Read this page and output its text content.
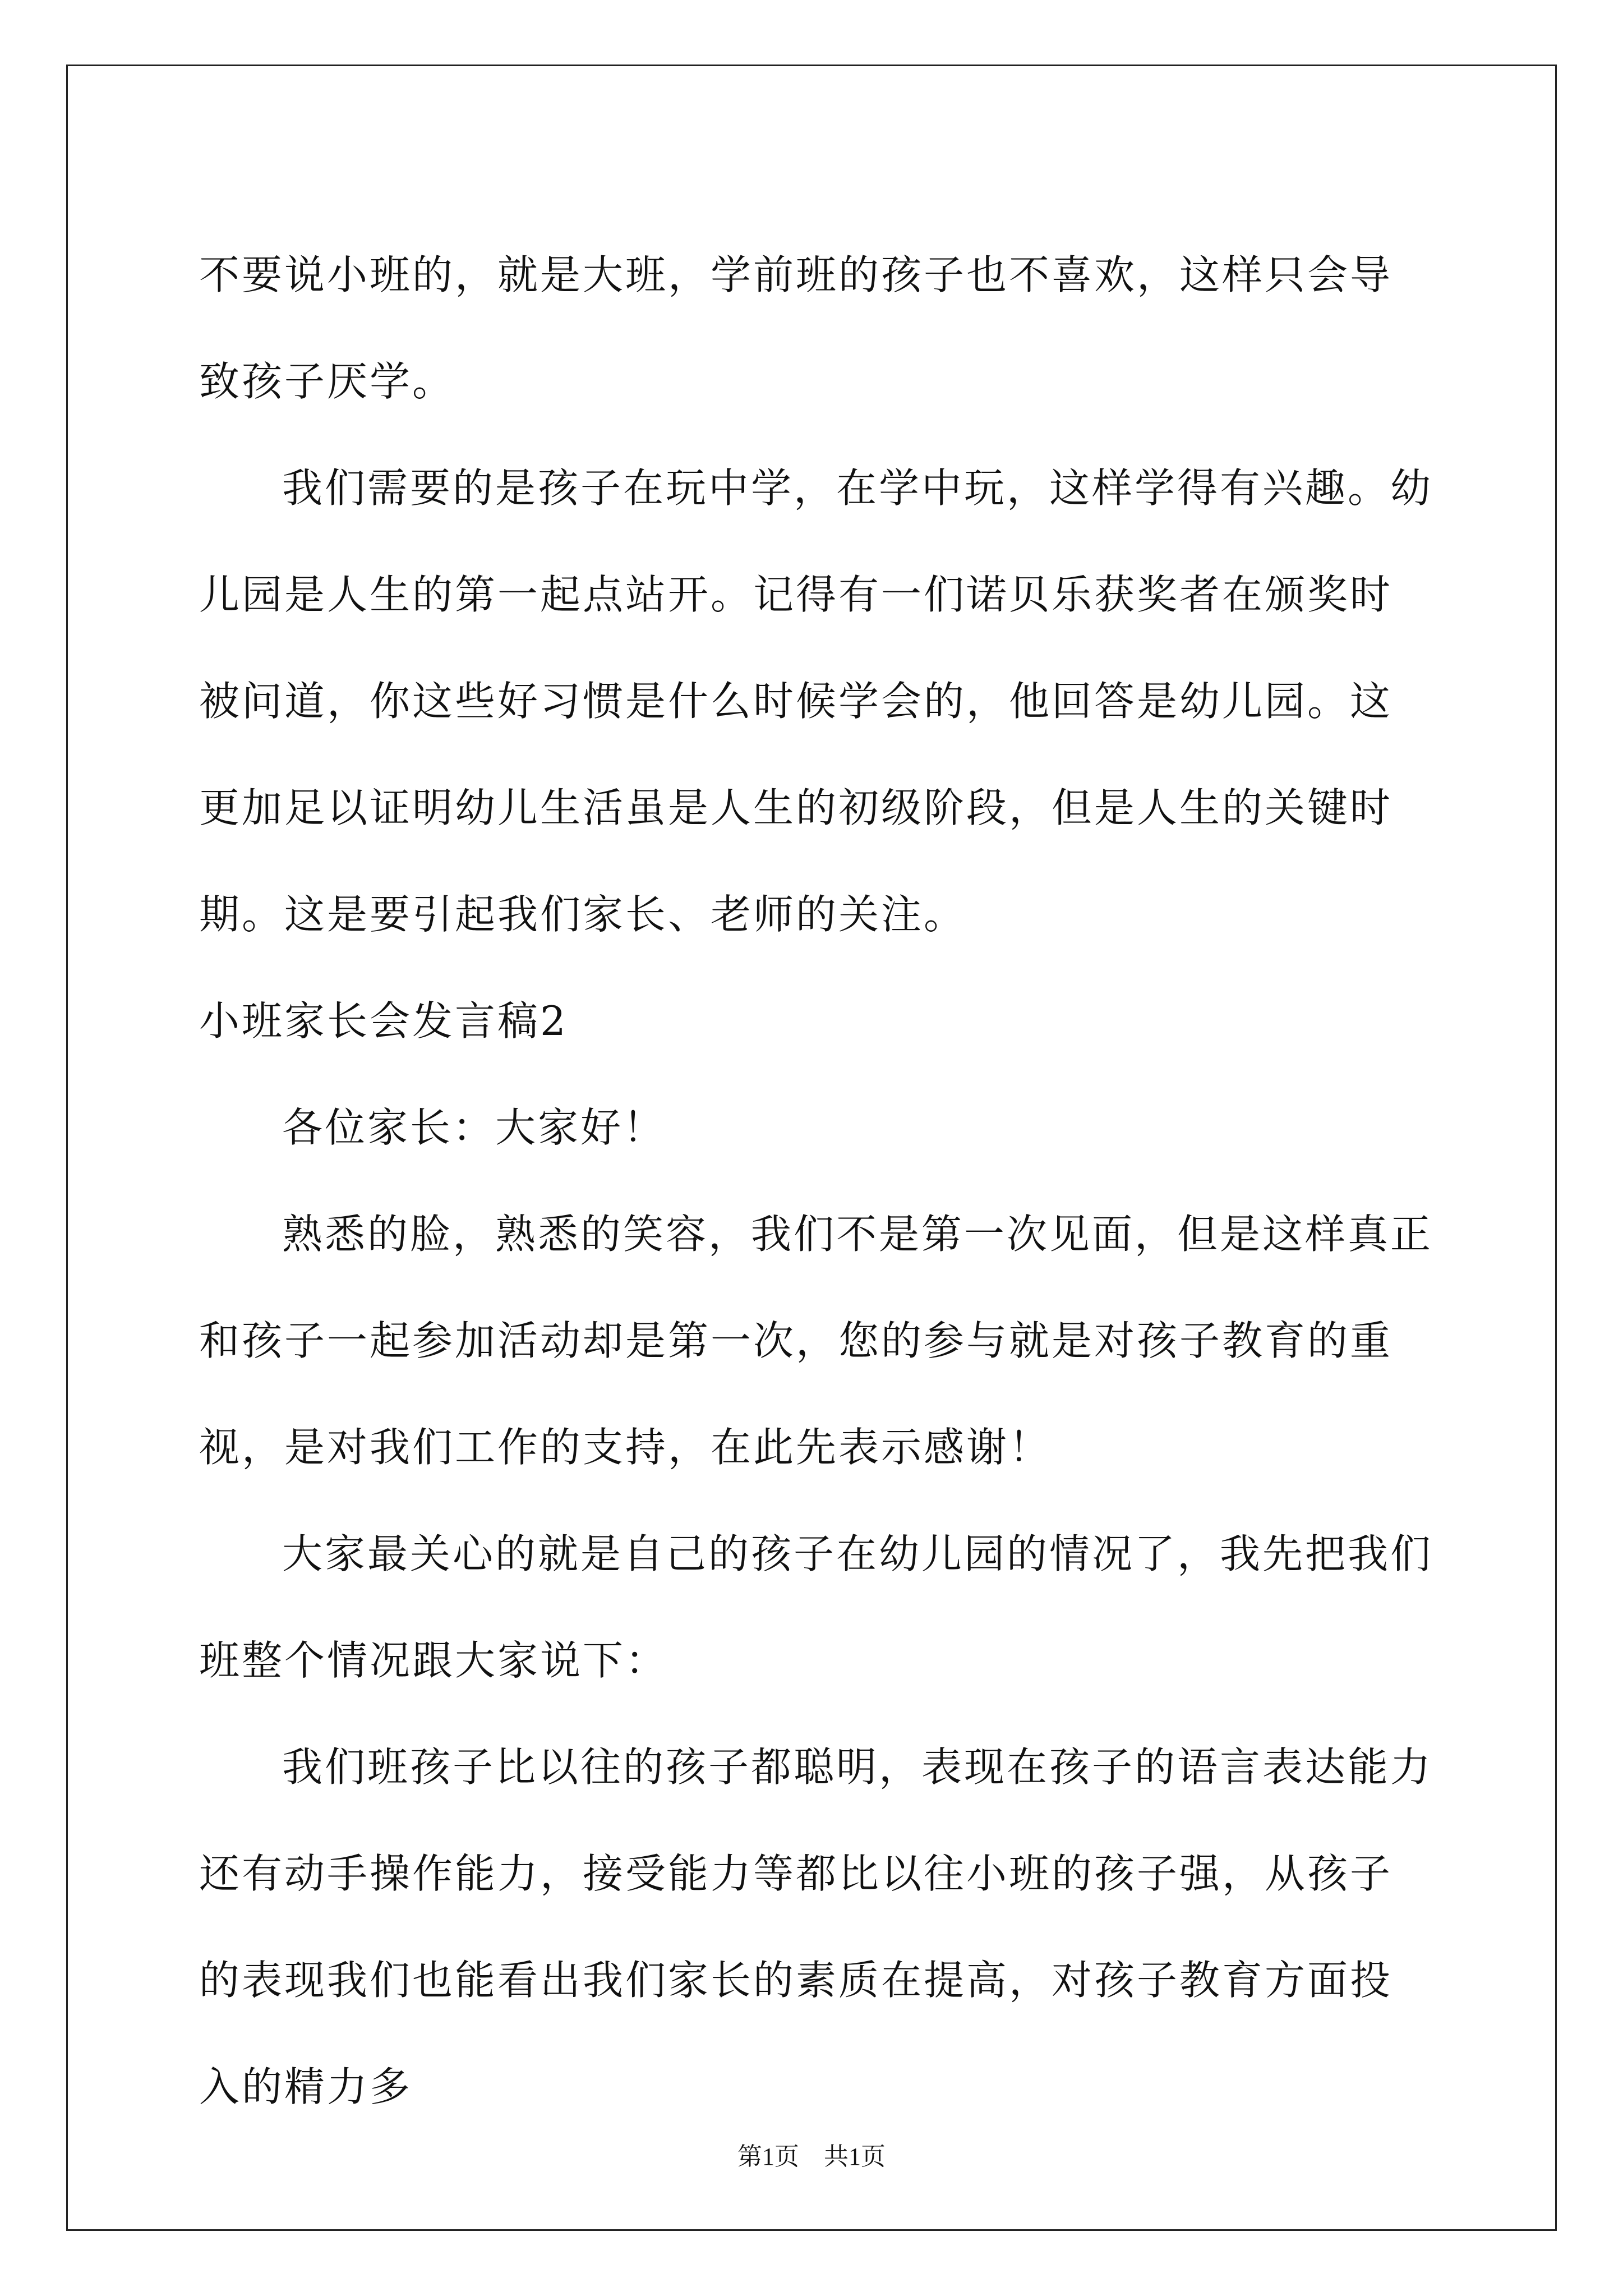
不要说小班的，就是大班，学前班的孩子也不喜欢，这样只会导致孩子厌学。

我们需要的是孩子在玩中学，在学中玩，这样学得有兴趣。幼儿园是人生的第一起点站开。记得有一们诺贝乐获奖者在颁奖时被问道，你这些好习惯是什么时候学会的，他回答是幼儿园。这更加足以证明幼儿生活虽是人生的初级阶段，但是人生的关键时期。这是要引起我们家长、老师的关注。

小班家长会发言稿2

各位家长：大家好！

熟悉的脸，熟悉的笑容，我们不是第一次见面，但是这样真正和孩子一起参加活动却是第一次，您的参与就是对孩子教育的重视，是对我们工作的支持，在此先表示感谢！

大家最关心的就是自己的孩子在幼儿园的情况了，我先把我们班整个情况跟大家说下：

我们班孩子比以往的孩子都聪明，表现在孩子的语言表达能力还有动手操作能力，接受能力等都比以往小班的孩子强，从孩子的表现我们也能看出我们家长的素质在提高，对孩子教育方面投入的精力多

第1页　共1页
